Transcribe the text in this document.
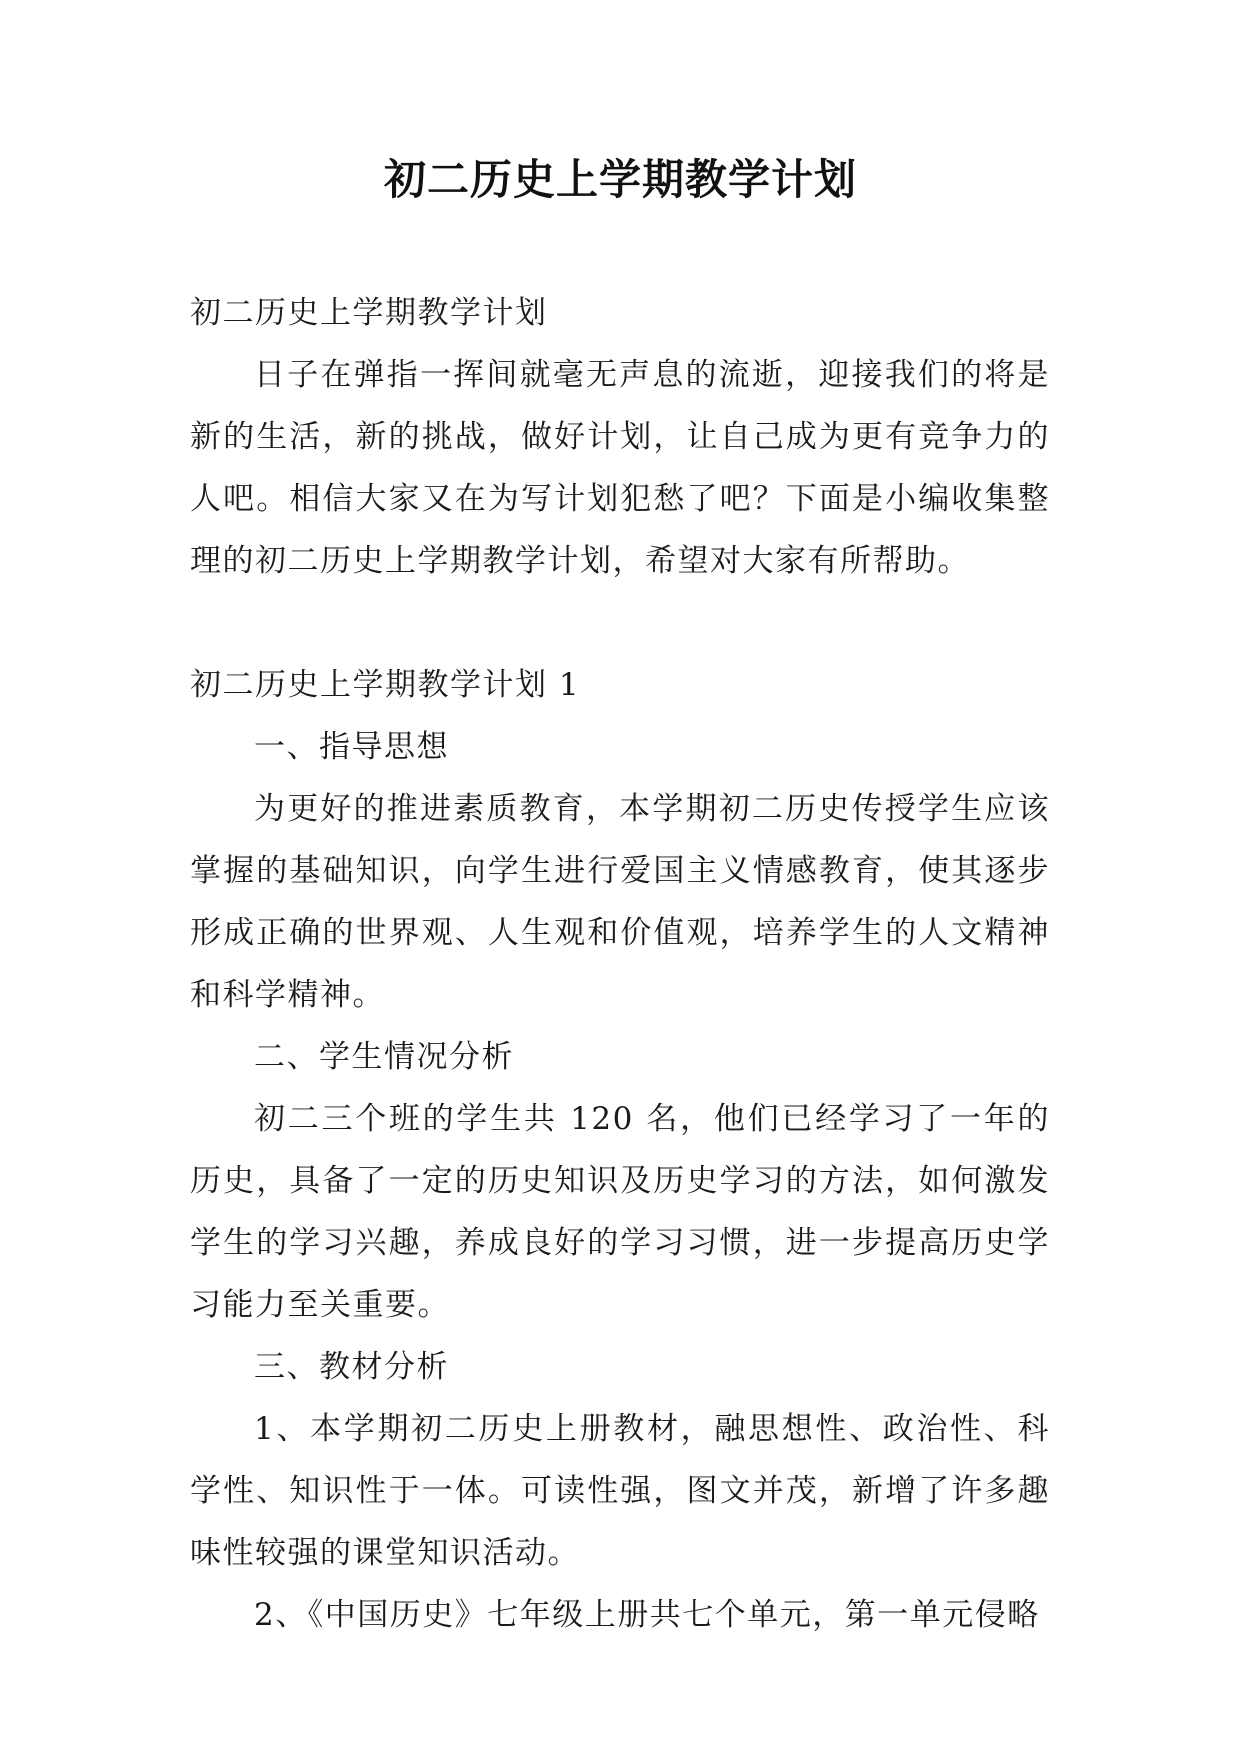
初二历史上学期教学计划

初二历史上学期教学计划

日子在弹指一挥间就毫无声息的流逝，迎接我们的将是新的生活，新的挑战，做好计划，让自己成为更有竞争力的人吧。相信大家又在为写计划犯愁了吧？下面是小编收集整理的初二历史上学期教学计划，希望对大家有所帮助。

初二历史上学期教学计划 1

一、指导思想

为更好的推进素质教育，本学期初二历史传授学生应该掌握的基础知识，向学生进行爱国主义情感教育，使其逐步形成正确的世界观、人生观和价值观，培养学生的人文精神和科学精神。

二、学生情况分析

初二三个班的学生共 120 名，他们已经学习了一年的历史，具备了一定的历史知识及历史学习的方法，如何激发学生的学习兴趣，养成良好的学习习惯，进一步提高历史学习能力至关重要。

三、教材分析

1、本学期初二历史上册教材，融思想性、政治性、科学性、知识性于一体。可读性强，图文并茂，新增了许多趣味性较强的课堂知识活动。

2、《中国历史》七年级上册共七个单元，第一单元侵略
